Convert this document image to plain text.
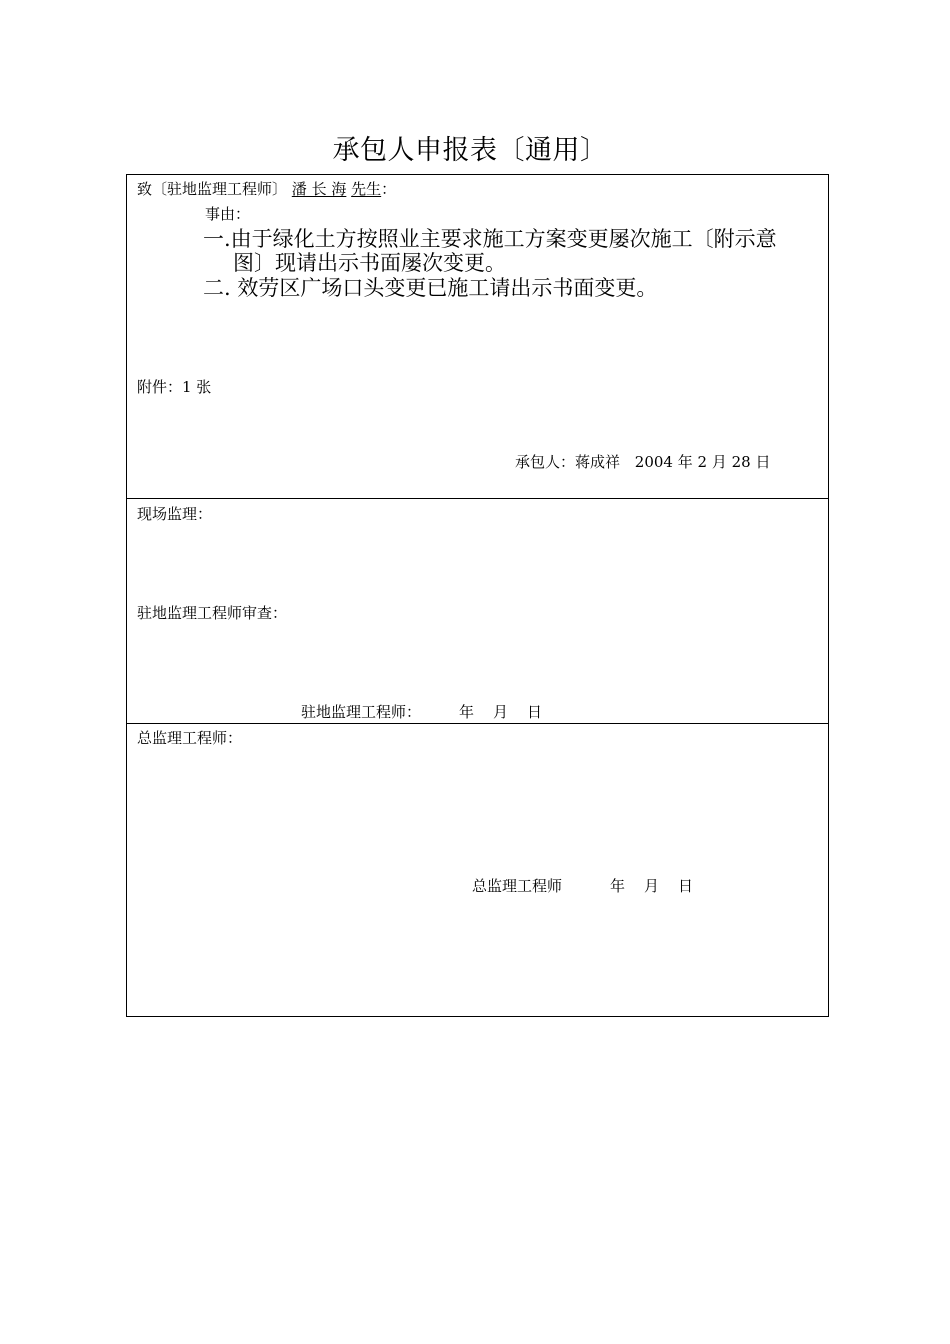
承包人申报表〔通用〕
致〔驻地监理工程师〕 潘 长 海 先生：
事由：
一.由于绿化土方按照业主要求施工方案变更屡次施工〔附示意
图〕现请出示书面屡次变更。
二. 效劳区广场口头变更已施工请出示书面变更。
附件：1 张
承包人：蒋成祥 2004 年 2 月 28 日
现场监理：
驻地监理工程师审查：
驻地监理工程师：	年　月　日
总监理工程师：
总监理工程师	年　月　日
